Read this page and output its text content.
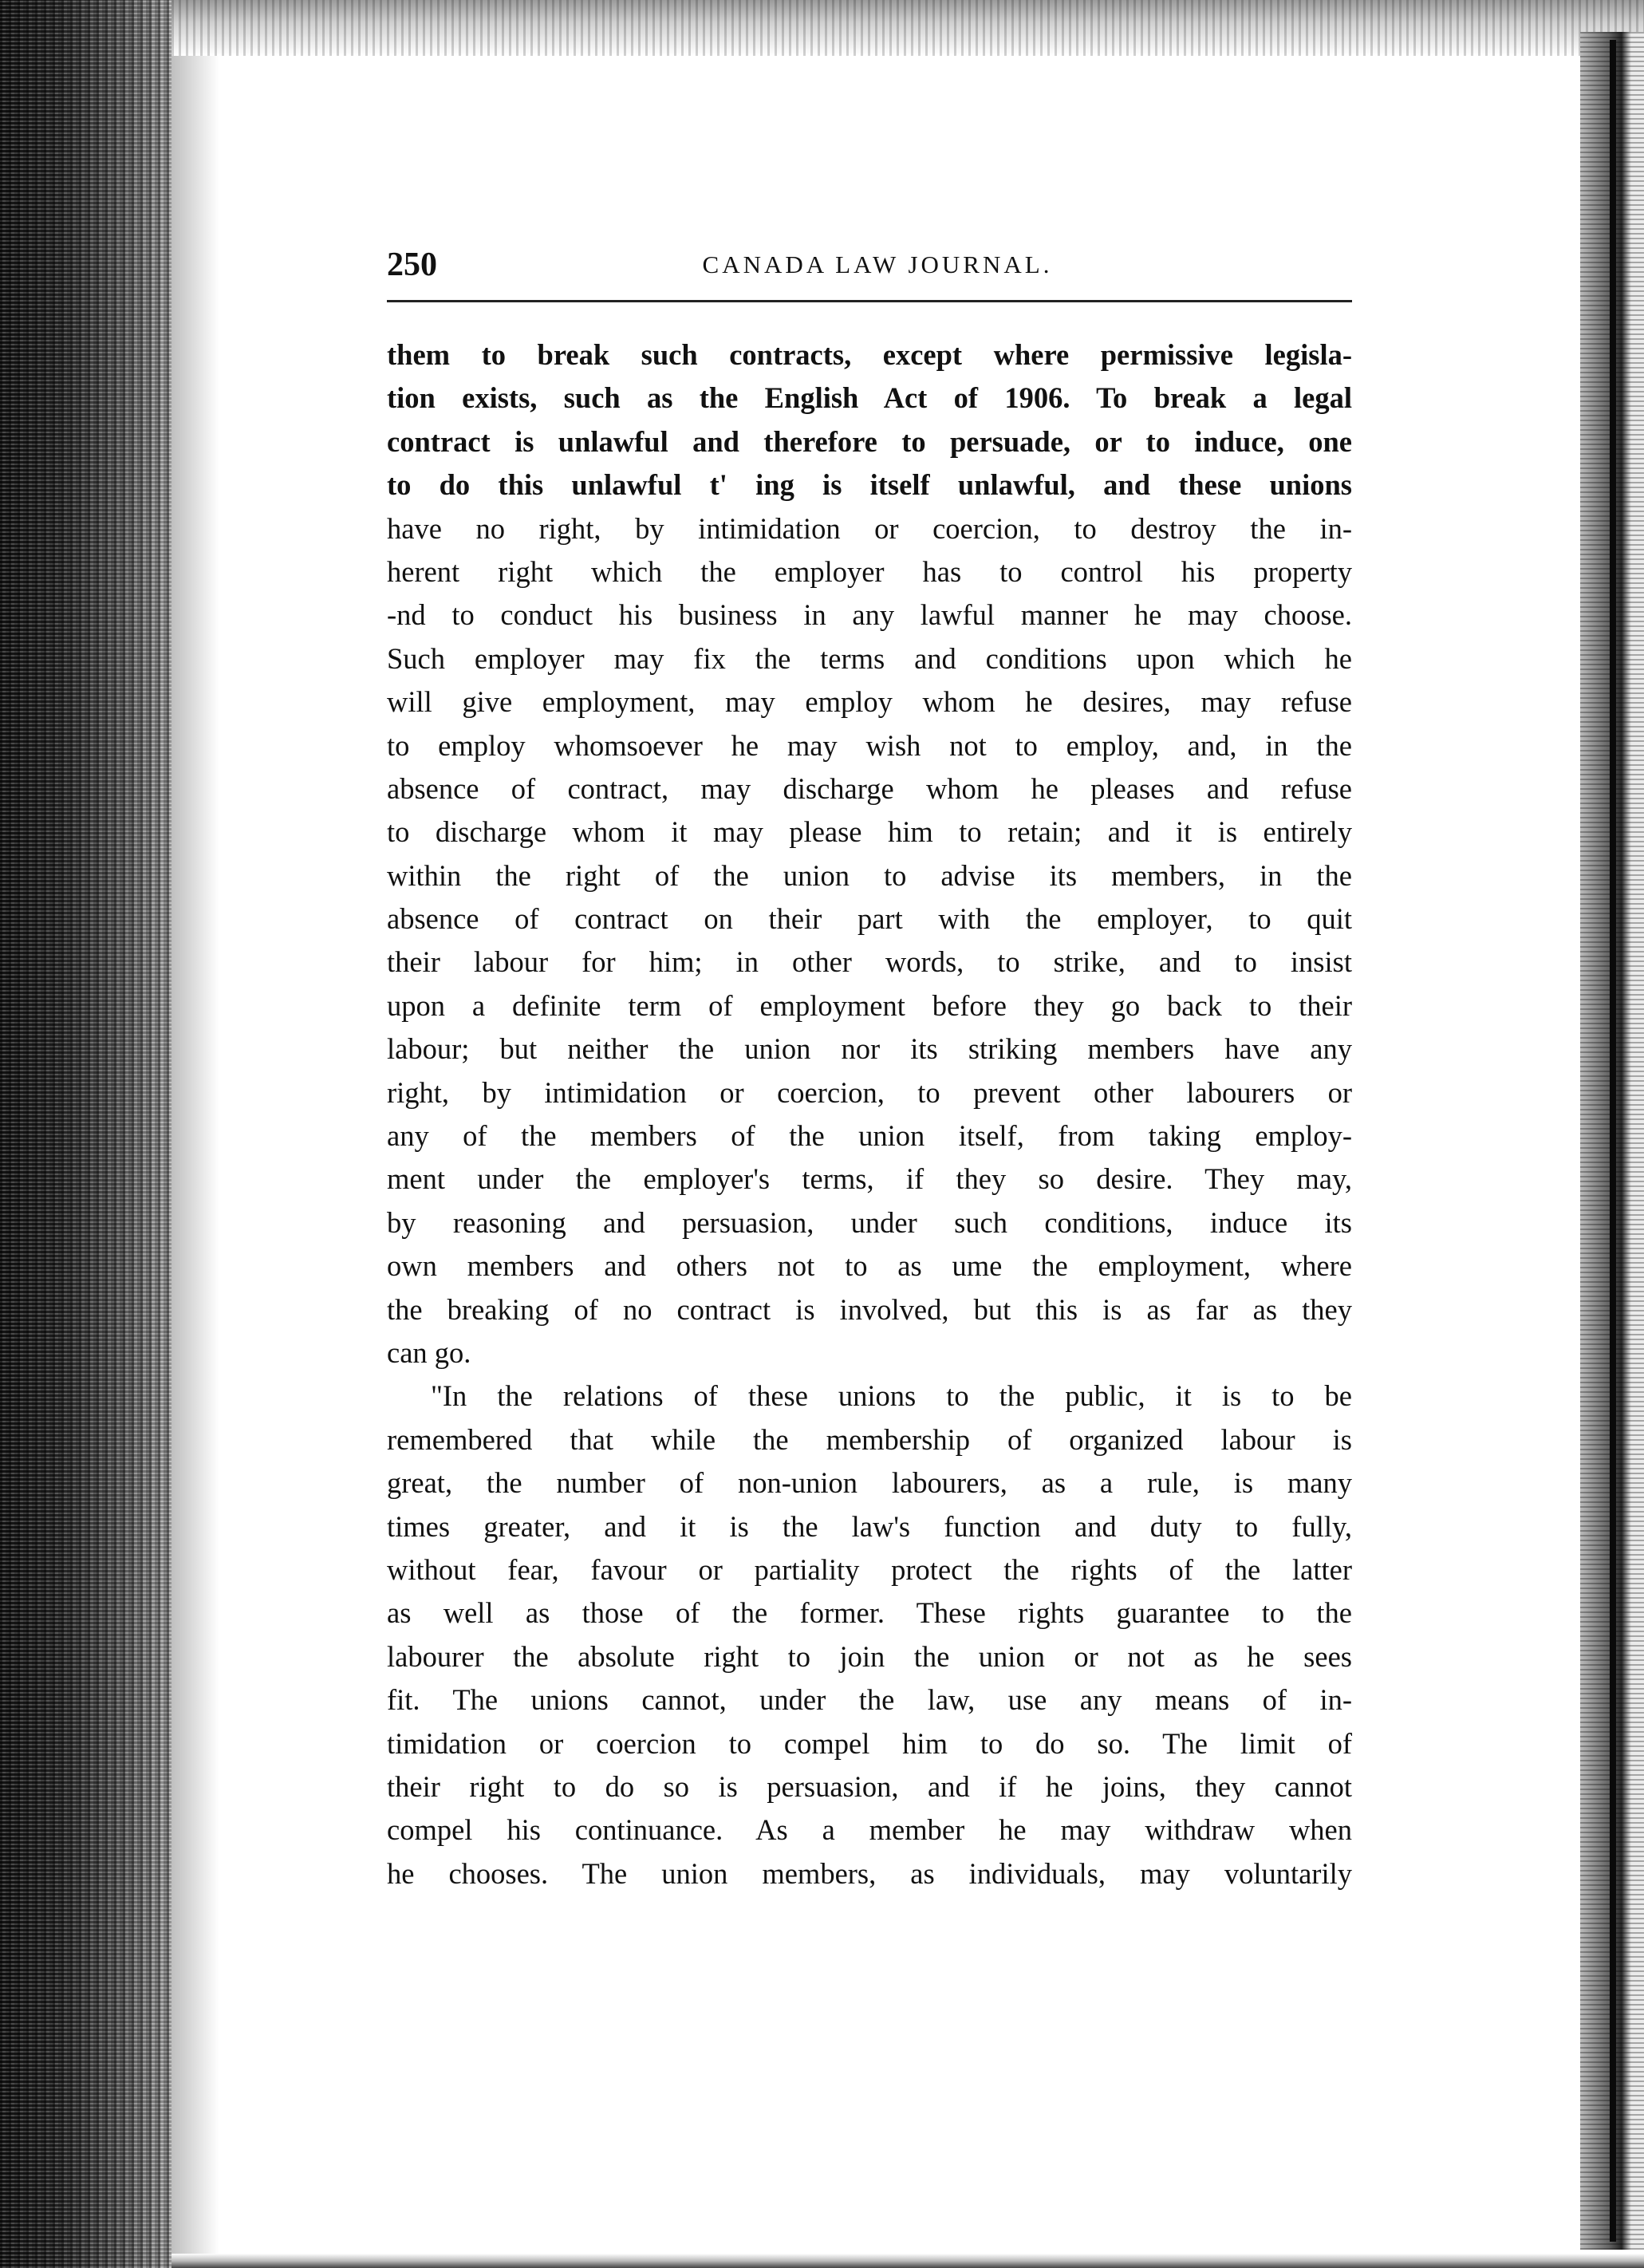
250	CANADA LAW JOURNAL.
them to break such contracts, except where permissive legisla-
tion exists, such as the English Act of 1906. To break a legal
contract is unlawful and therefore to persuade, or to induce, one
to do this unlawful t' ing is itself unlawful, and these unions
have no right, by intimidation or coercion, to destroy the in-
herent right which the employer has to control his property
-nd to conduct his business in any lawful manner he may choose.
Such employer may fix the terms and conditions upon which he
will give employment, may employ whom he desires, may refuse
to employ whomsoever he may wish not to employ, and, in the
absence of contract, may discharge whom he pleases and refuse
to discharge whom it may please him to retain; and it is entirely
within the right of the union to advise its members, in the
absence of contract on their part with the employer, to quit
their labour for him; in other words, to strike, and to insist
upon a definite term of employment before they go back to their
labour; but neither the union nor its striking members have any
right, by intimidation or coercion, to prevent other labourers or
any of the members of the union itself, from taking employ-
ment under the employer's terms, if they so desire. They may,
by reasoning and persuasion, under such conditions, induce its
own members and others not to as ume the employment, where
the breaking of no contract is involved, but this is as far as they
can go.
"In the relations of these unions to the public, it is to be
remembered that while the membership of organized labour is
great, the number of non-union labourers, as a rule, is many
times greater, and it is the law's function and duty to fully,
without fear, favour or partiality protect the rights of the latter
as well as those of the former. These rights guarantee to the
labourer the absolute right to join the union or not as he sees
fit. The unions cannot, under the law, use any means of in-
timidation or coercion to compel him to do so. The limit of
their right to do so is persuasion, and if he joins, they cannot
compel his continuance. As a member he may withdraw when
he chooses. The union members, as individuals, may voluntarily
